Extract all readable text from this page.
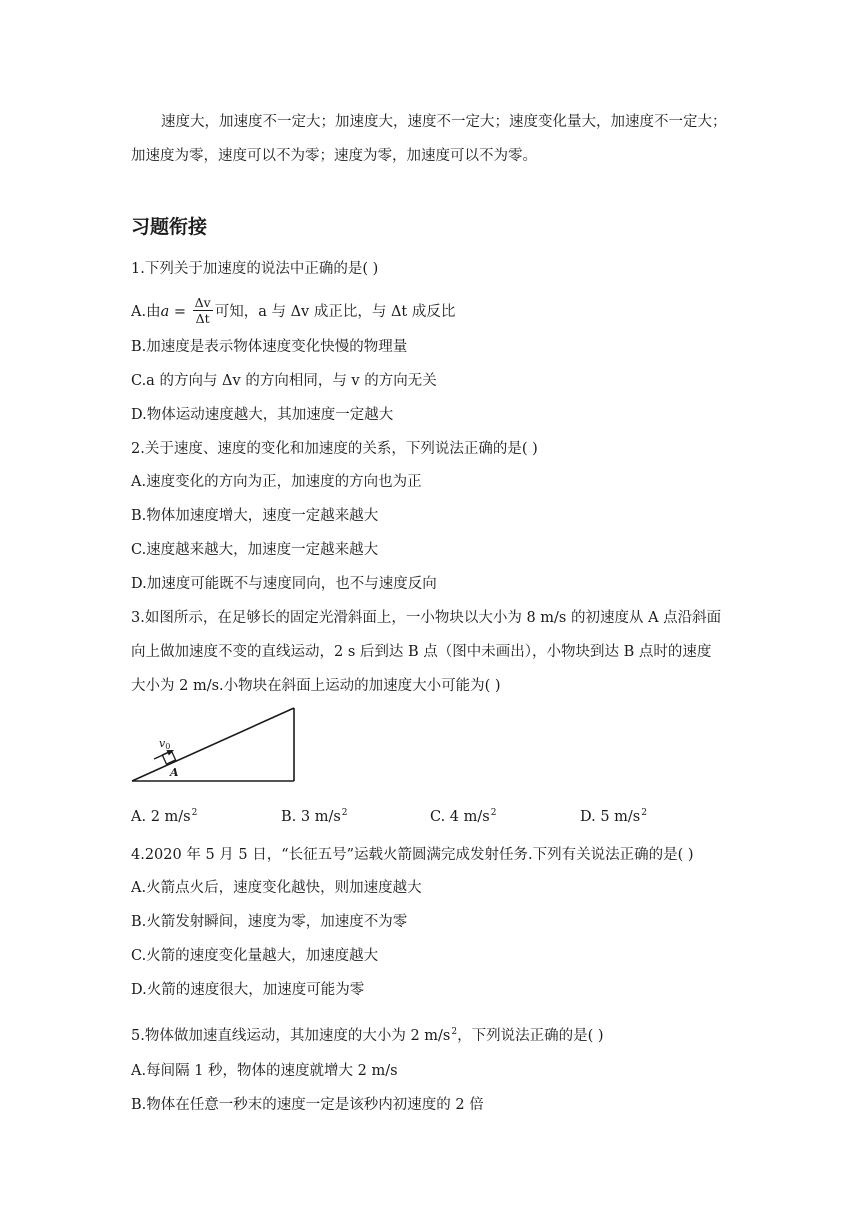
速度大，加速度不一定大；加速度大，速度不一定大；速度变化量大，加速度不一定大；
加速度为零，速度可以不为零；速度为零，加速度可以不为零。
习题衔接
1.下列关于加速度的说法中正确的是( )
A.由 $a = \frac{\Delta v}{\Delta t}$ 可知，a 与 Δv 成正比，与 Δt 成反比
B.加速度是表示物体速度变化快慢的物理量
C.a 的方向与 Δv 的方向相同，与 v 的方向无关
D.物体运动速度越大，其加速度一定越大
2.关于速度、速度的变化和加速度的关系，下列说法正确的是( )
A.速度变化的方向为正，加速度的方向也为正
B.物体加速度增大，速度一定越来越大
C.速度越来越大，加速度一定越来越大
D.加速度可能既不与速度同向，也不与速度反向
3.如图所示，在足够长的固定光滑斜面上，一小物块以大小为 8 m/s 的初速度从 A 点沿斜面
向上做加速度不变的直线运动，2 s 后到达 B 点（图中未画出），小物块到达 B 点时的速度
大小为 2 m/s.小物块在斜面上运动的加速度大小可能为( )
v0
A
A. 2 $m/s^2$	B. 3 $m/s^2$	C. 4 $m/s^2$	D. 5 $m/s^2$
4.2020 年 5 月 5 日，“长征五号”运载火箭圆满完成发射任务.下列有关说法正确的是( )
A.火箭点火后，速度变化越快，则加速度越大
B.火箭发射瞬间，速度为零，加速度不为零
C.火箭的速度变化量越大，加速度越大
D.火箭的速度很大，加速度可能为零
5.物体做加速直线运动，其加速度的大小为 2 $m/s^2$，下列说法正确的是( )
A.每间隔 1 秒，物体的速度就增大 2 m/s
B.物体在任意一秒末的速度一定是该秒内初速度的 2 倍
